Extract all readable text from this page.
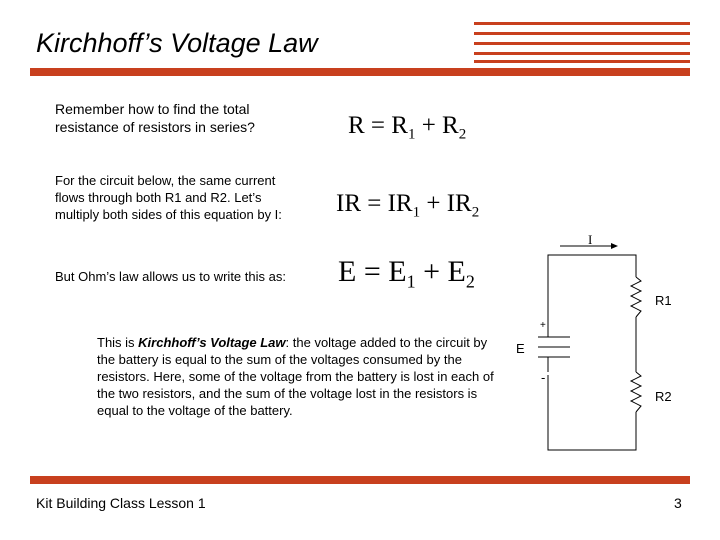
Kirchhoff’s Voltage Law
Remember how to find the total resistance of resistors in series?	$R = R_1 + R_2$
For the circuit below, the same current flows through both R1 and R2. Let’s multiply both sides of this equation by I:	IR = $IR_1 + IR_2$
But Ohm’s law allows us to write this as:	$E = E_1 + E_2$
This is Kirchhoff’s Voltage Law: the voltage added to the circuit by the battery is equal to the sum of the voltages consumed by the resistors. Here, some of the voltage from the battery is lost in each of the two resistors, and the sum of the voltage lost in the resistors is equal to the voltage of the battery.
I
R1
R2
E
+
-
Kit Building Class Lesson 1	3
